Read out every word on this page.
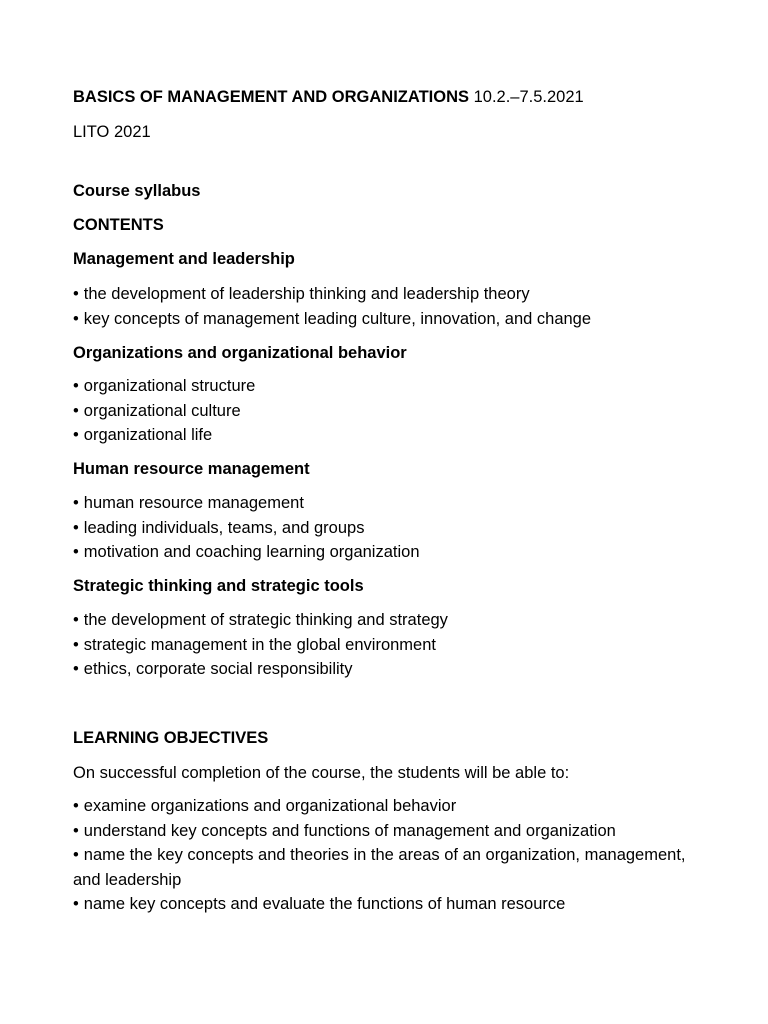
BASICS OF MANAGEMENT AND ORGANIZATIONS 10.2.–7.5.2021
LITO 2021
Course syllabus
CONTENTS
Management and leadership
• the development of leadership thinking and leadership theory
• key concepts of management leading culture, innovation, and change
Organizations and organizational behavior
• organizational structure
• organizational culture
• organizational life
Human resource management
• human resource management
• leading individuals, teams, and groups
• motivation and coaching learning organization
Strategic thinking and strategic tools
• the development of strategic thinking and strategy
• strategic management in the global environment
• ethics, corporate social responsibility
LEARNING OBJECTIVES
On successful completion of the course, the students will be able to:
• examine organizations and organizational behavior
• understand key concepts and functions of management and organization
• name the key concepts and theories in the areas of an organization, management, and leadership
• name key concepts and evaluate the functions of human resource
